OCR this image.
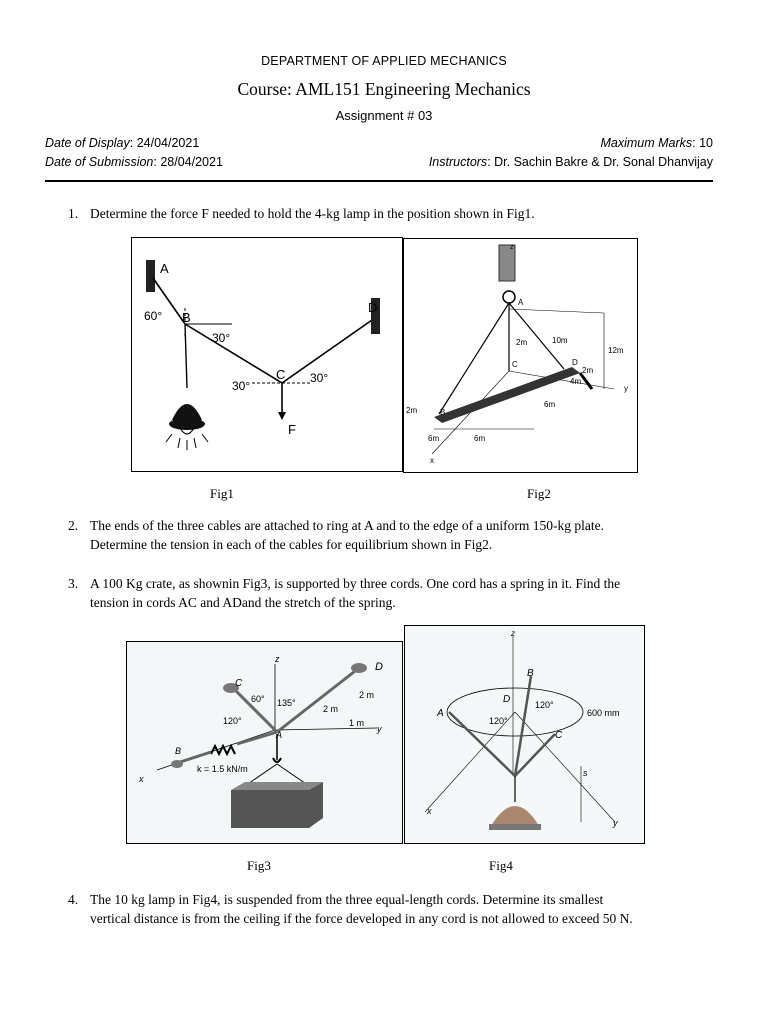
DEPARTMENT OF APPLIED MECHANICS
Course: AML151 Engineering Mechanics
Assignment # 03
Date of Display: 24/04/2021
Date of Submission: 28/04/2021
Maximum Marks: 10
Instructors: Dr. Sachin Bakre & Dr. Sonal Dhanvijay
1. Determine the force F needed to hold the 4-kg lamp in the position shown in Fig1.
A
B
C
D
F
60°
30°
30°
30°
z
A
B
C	D
y
x
2m	10m
12m
2m
4m
6m
2m
6m	6m
Fig1	Fig2
2. The ends of the three cables are attached to ring at A and to the edge of a uniform 150-kg plate.
Determine the tension in each of the cables for equilibrium shown in Fig2.
3. A 100 Kg crate, as shownin Fig3, is supported by three cords. One cord has a spring in it. Find the
tension in cords AC and ADand the stretch of the spring.
z
D
C
60° 135°
2 m
2 m
120°	1 m
y
A
B
x
k = 1.5 kN/m
z
B
D	120°
120°
A	600 mm
C
s
x
y
Fig3	Fig4
4. The 10 kg lamp in Fig4, is suspended from the three equal-length cords. Determine its smallest
vertical distance is from the ceiling if the force developed in any cord is not allowed to exceed 50 N.
